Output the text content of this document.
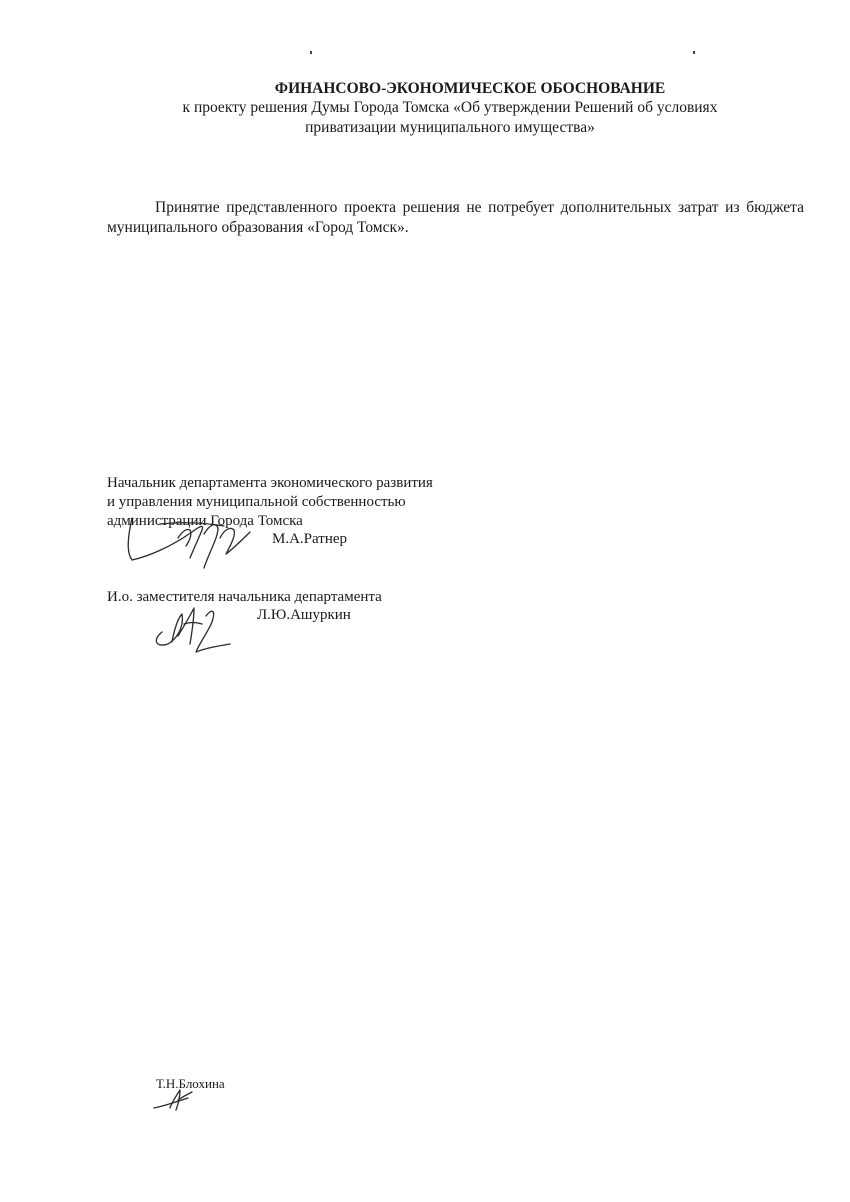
ФИНАНСОВО-ЭКОНОМИЧЕСКОЕ ОБОСНОВАНИЕ
к проекту решения Думы Города Томска «Об утверждении Решений об условиях
приватизации муниципального имущества»
Принятие представленного проекта решения не потребует дополнительных затрат из бюджета муниципального образования «Город Томск».
Начальник департамента экономического развития
и управления муниципальной собственностью
администрации Города Томска
М.А.Ратнер
И.о. заместителя начальника департамента
Л.Ю.Ашуркин
Т.Н.Блохина
